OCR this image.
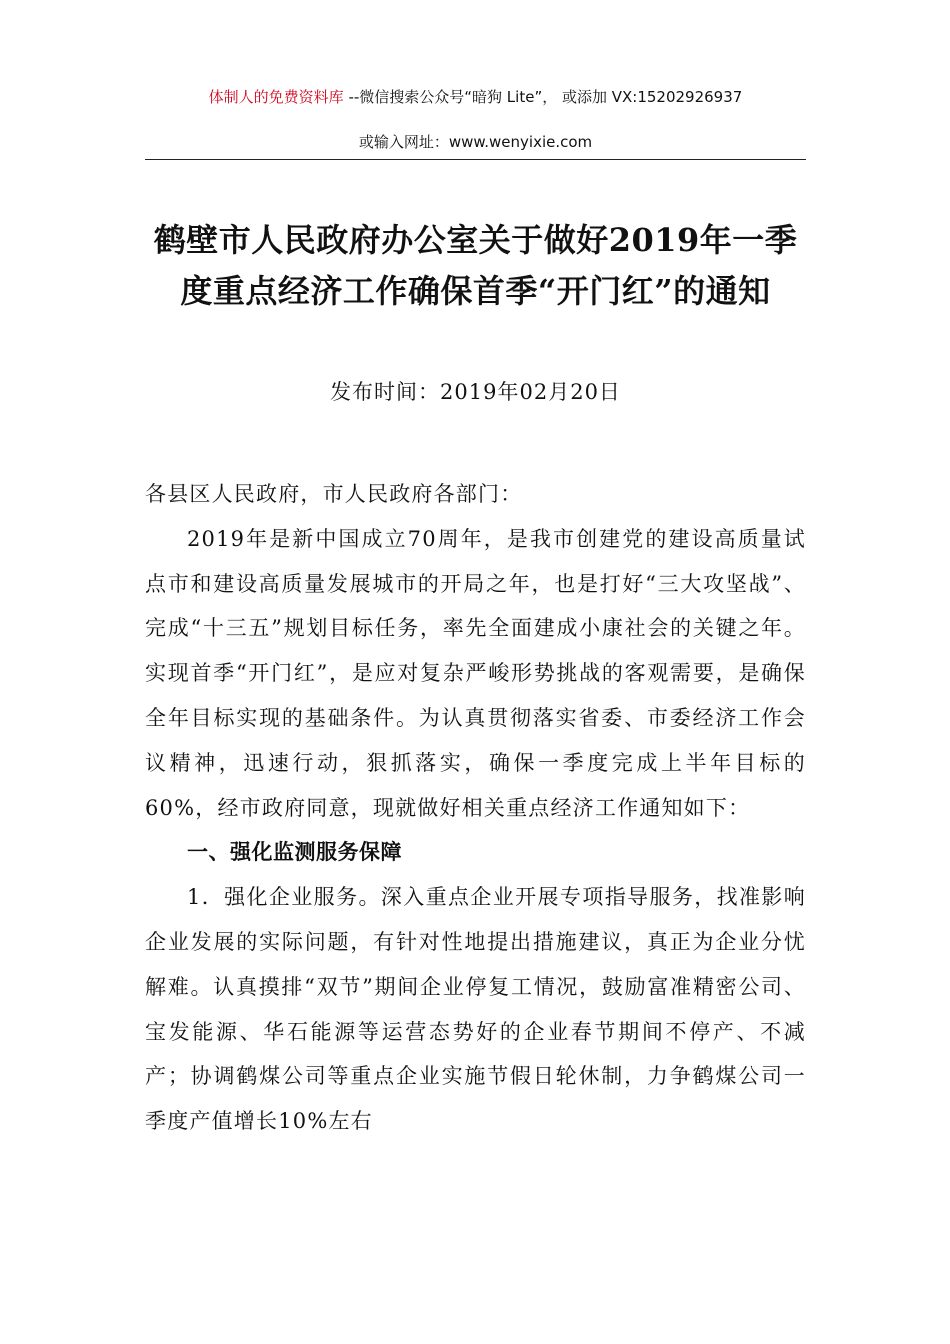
体制人的免费资料库 --微信搜索公众号“暗狗 Lite”， 或添加 VX:15202926937
或输入网址：www.wenyixie.com
鹤壁市人民政府办公室关于做好2019年一季度重点经济工作确保首季“开门红”的通知
发布时间：2019年02月20日

各县区人民政府，市人民政府各部门：

2019年是新中国成立70周年，是我市创建党的建设高质量试点市和建设高质量发展城市的开局之年，也是打好“三大攻坚战”、完成“十三五”规划目标任务，率先全面建成小康社会的关键之年。实现首季“开门红”，是应对复杂严峻形势挑战的客观需要，是确保全年目标实现的基础条件。为认真贯彻落实省委、市委经济工作会议精神，迅速行动，狠抓落实，确保一季度完成上半年目标的60%，经市政府同意，现就做好相关重点经济工作通知如下：

一、强化监测服务保障

1．强化企业服务。深入重点企业开展专项指导服务，找准影响企业发展的实际问题，有针对性地提出措施建议，真正为企业分忧解难。认真摸排“双节”期间企业停复工情况，鼓励富准精密公司、宝发能源、华石能源等运营态势好的企业春节期间不停产、不减产；协调鹤煤公司等重点企业实施节假日轮休制，力争鹤煤公司一季度产值增长10%左右
